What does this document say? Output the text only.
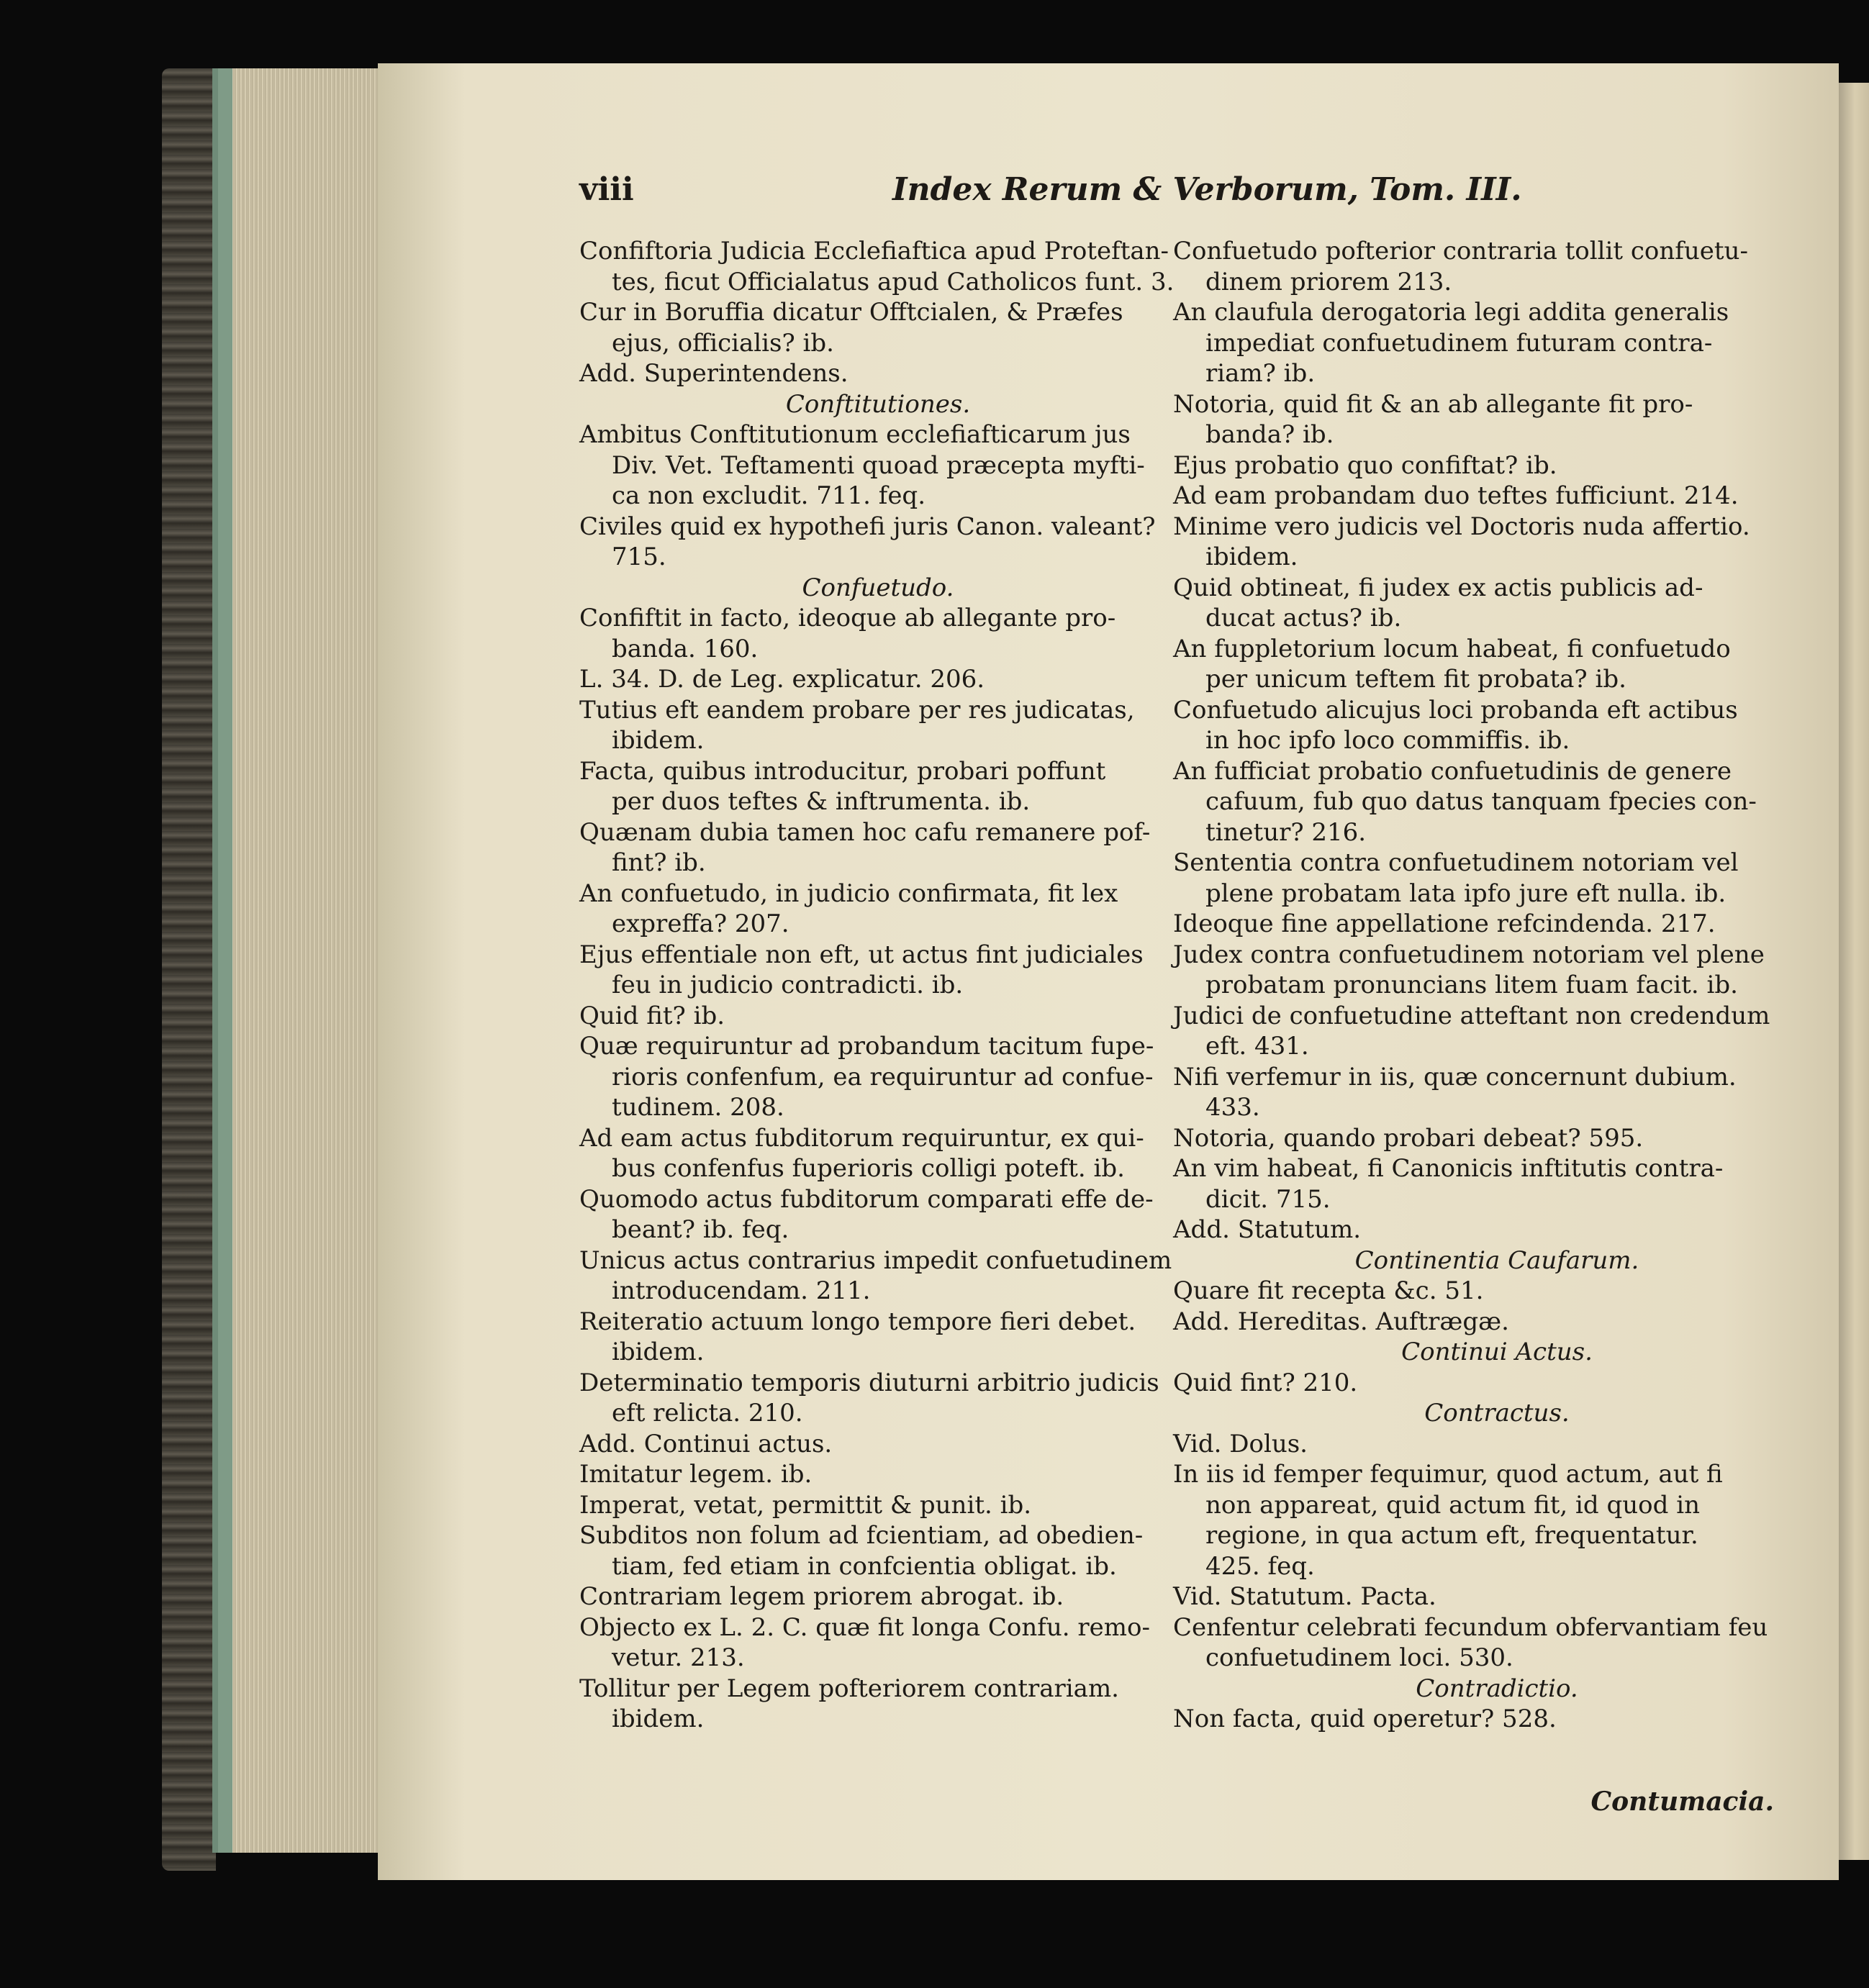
viii	Index Rerum & Verborum, Tom. III.
Confiftoria Judicia Ecclefiaftica apud Proteftan-
tes, ficut Officialatus apud Catholicos funt. 3.
Cur in Boruffia dicatur Offtcialen, & Præfes
ejus, officialis? ib.
Add. Superintendens.
Conftitutiones.
Ambitus Conftitutionum ecclefiafticarum jus
Div. Vet. Teftamenti quoad præcepta myfti-
ca non excludit. 711. feq.
Civiles quid ex hypothefi juris Canon. valeant?
715.
Confuetudo.
Confiftit in facto, ideoque ab allegante pro-
banda. 160.
L. 34. D. de Leg. explicatur. 206.
Tutius eft eandem probare per res judicatas,
ibidem.
Facta, quibus introducitur, probari poffunt
per duos teftes & inftrumenta. ib.
Quænam dubia tamen hoc cafu remanere pof-
fint? ib.
An confuetudo, in judicio confirmata, fit lex
expreffa? 207.
Ejus effentiale non eft, ut actus fint judiciales
feu in judicio contradicti. ib.
Quid fit? ib.
Quæ requiruntur ad probandum tacitum fupe-
rioris confenfum, ea requiruntur ad confue-
tudinem. 208.
Ad eam actus fubditorum requiruntur, ex qui-
bus confenfus fuperioris colligi poteft. ib.
Quomodo actus fubditorum comparati effe de-
beant? ib. feq.
Unicus actus contrarius impedit confuetudinem
introducendam. 211.
Reiteratio actuum longo tempore fieri debet.
ibidem.
Determinatio temporis diuturni arbitrio judicis
eft relicta. 210.
Add. Continui actus.
Imitatur legem. ib.
Imperat, vetat, permittit & punit. ib.
Subditos non folum ad fcientiam, ad obedien-
tiam, fed etiam in confcientia obligat. ib.
Contrariam legem priorem abrogat. ib.
Objecto ex L. 2. C. quæ fit longa Confu. remo-
vetur. 213.
Tollitur per Legem pofteriorem contrariam.
ibidem.
Confuetudo pofterior contraria tollit confuetu-
dinem priorem 213.
An claufula derogatoria legi addita generalis
impediat confuetudinem futuram contra-
riam? ib.
Notoria, quid fit & an ab allegante fit pro-
banda? ib.
Ejus probatio quo confiftat? ib.
Ad eam probandam duo teftes fufficiunt. 214.
Minime vero judicis vel Doctoris nuda affertio.
ibidem.
Quid obtineat, fi judex ex actis publicis ad-
ducat actus? ib.
An fuppletorium locum habeat, fi confuetudo
per unicum teftem fit probata? ib.
Confuetudo alicujus loci probanda eft actibus
in hoc ipfo loco commiffis. ib.
An fufficiat probatio confuetudinis de genere
cafuum, fub quo datus tanquam fpecies con-
tinetur? 216.
Sententia contra confuetudinem notoriam vel
plene probatam lata ipfo jure eft nulla. ib.
Ideoque fine appellatione refcindenda. 217.
Judex contra confuetudinem notoriam vel plene
probatam pronuncians litem fuam facit. ib.
Judici de confuetudine atteftant non credendum
eft. 431.
Nifi verfemur in iis, quæ concernunt dubium.
433.
Notoria, quando probari debeat? 595.
An vim habeat, fi Canonicis inftitutis contra-
dicit. 715.
Add. Statutum.
Continentia Caufarum.
Quare fit recepta &c. 51.
Add. Hereditas. Auftrægæ.
Continui Actus.
Quid fint? 210.
Contractus.
Vid. Dolus.
In iis id femper fequimur, quod actum, aut fi
non appareat, quid actum fit, id quod in
regione, in qua actum eft, frequentatur.
425. feq.
Vid. Statutum. Pacta.
Cenfentur celebrati fecundum obfervantiam feu
confuetudinem loci. 530.
Contradictio.
Non facta, quid operetur? 528.
Contumacia.
